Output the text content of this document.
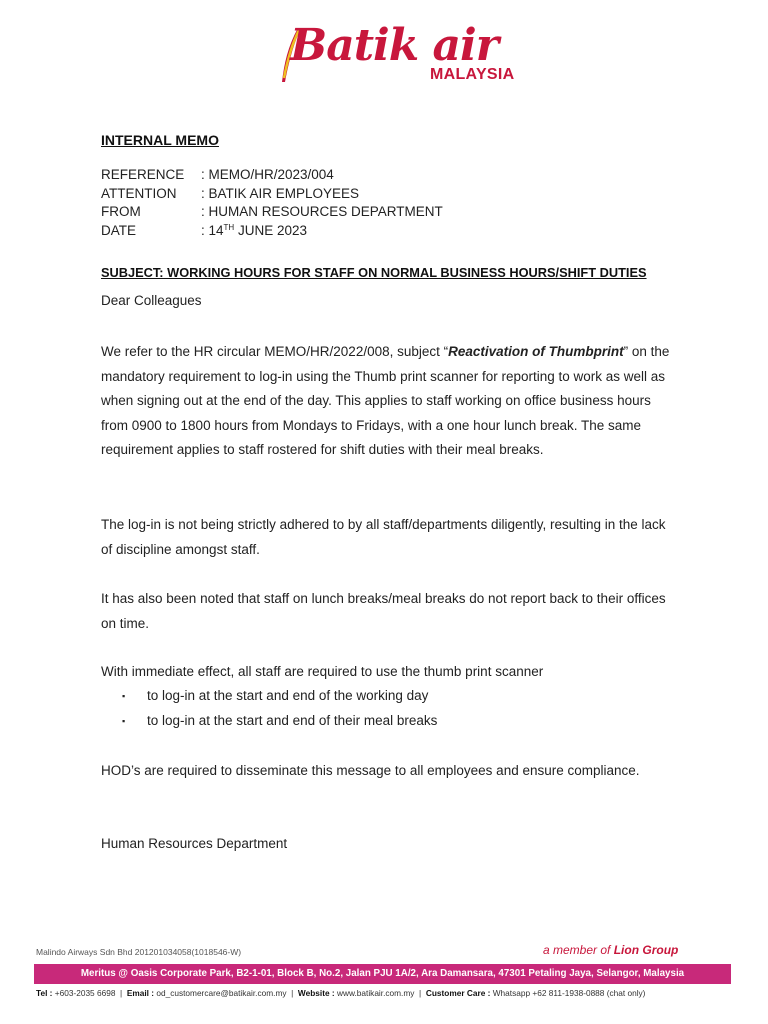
Batik air
MALAYSIA
INTERNAL MEMO
REFERENCE	: MEMO/HR/2023/004
ATTENTION	: BATIK AIR EMPLOYEES
FROM	: HUMAN RESOURCES DEPARTMENT
DATE	: 14TH JUNE 2023
SUBJECT: WORKING HOURS FOR STAFF ON NORMAL BUSINESS HOURS/SHIFT DUTIES
Dear Colleagues
We refer to the HR circular MEMO/HR/2022/008, subject “Reactivation of Thumbprint” on the mandatory requirement to log-in using the Thumb print scanner for reporting to work as well as when signing out at the end of the day. This applies to staff working on office business hours from 0900 to 1800 hours from Mondays to Fridays, with a one hour lunch break. The same requirement applies to staff rostered for shift duties with their meal breaks.
The log-in is not being strictly adhered to by all staff/departments diligently, resulting in the lack of discipline amongst staff.
It has also been noted that staff on lunch breaks/meal breaks do not report back to their offices on time.
With immediate effect, all staff are required to use the thumb print scanner
▪	to log-in at the start and end of the working day
▪	to log-in at the start and end of their meal breaks
HOD’s are required to disseminate this message to all employees and ensure compliance.
Human Resources Department
Malindo Airways Sdn Bhd 201201034058(1018546-W)	a member of Lion Group
Meritus @ Oasis Corporate Park, B2-1-01, Block B, No.2, Jalan PJU 1A/2, Ara Damansara, 47301 Petaling Jaya, Selangor, Malaysia
Tel : +603-2035 6698  |  Email : od_customercare@batikair.com.my  |  Website : www.batikair.com.my  |  Customer Care : Whatsapp +62 811-1938-0888 (chat only)
